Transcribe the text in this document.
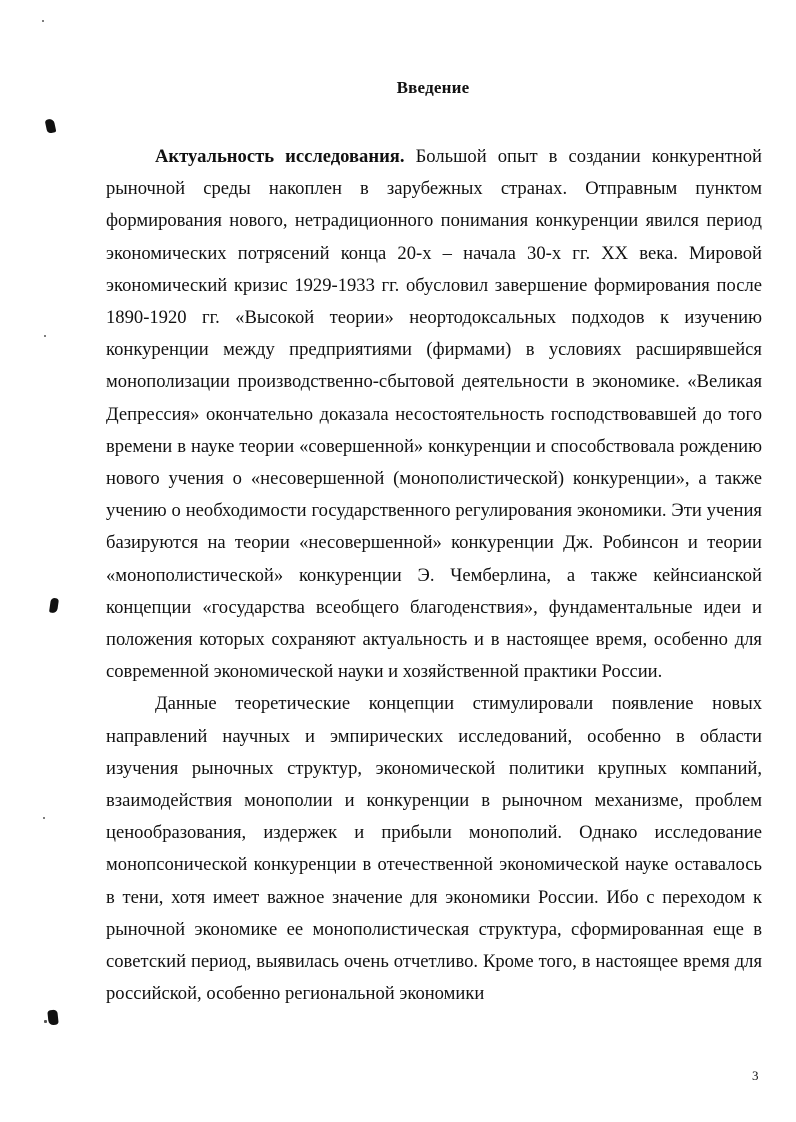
Введение

Актуальность исследования. Большой опыт в создании конкурентной рыночной среды накоплен в зарубежных странах. Отправным пунктом формирования нового, нетрадиционного понимания конкуренции явился период экономических потрясений конца 20-х – начала 30-х гг. XX века. Мировой экономический кризис 1929-1933 гг. обусловил завершение формирования после 1890-1920 гг. «Высокой теории» неортодоксальных подходов к изучению конкуренции между предприятиями (фирмами) в условиях расширявшейся монополизации производственно-сбытовой деятельности в экономике. «Великая Депрессия» окончательно доказала несостоятельность господствовавшей до того времени в науке теории «совершенной» конкуренции и способствовала рождению нового учения о «несовершенной (монополистической) конкуренции», а также учению о необходимости государственного регулирования экономики. Эти учения базируются на теории «несовершенной» конкуренции Дж. Робинсон и теории «монополистической» конкуренции Э. Чемберлина, а также кейнсианской концепции «государства всеобщего благоденствия», фундаментальные идеи и положения которых сохраняют актуальность и в настоящее время, особенно для современной экономической науки и хозяйственной практики России.

Данные теоретические концепции стимулировали появление новых направлений научных и эмпирических исследований, особенно в области изучения рыночных структур, экономической политики крупных компаний, взаимодействия монополии и конкуренции в рыночном механизме, проблем ценообразования, издержек и прибыли монополий. Однако исследование монопсонической конкуренции в отечественной экономической науке оставалось в тени, хотя имеет важное значение для экономики России. Ибо с переходом к рыночной экономике ее монополистическая структура, сформированная еще в советский период, выявилась очень отчетливо. Кроме того, в настоящее время для российской, особенно региональной экономики

3
